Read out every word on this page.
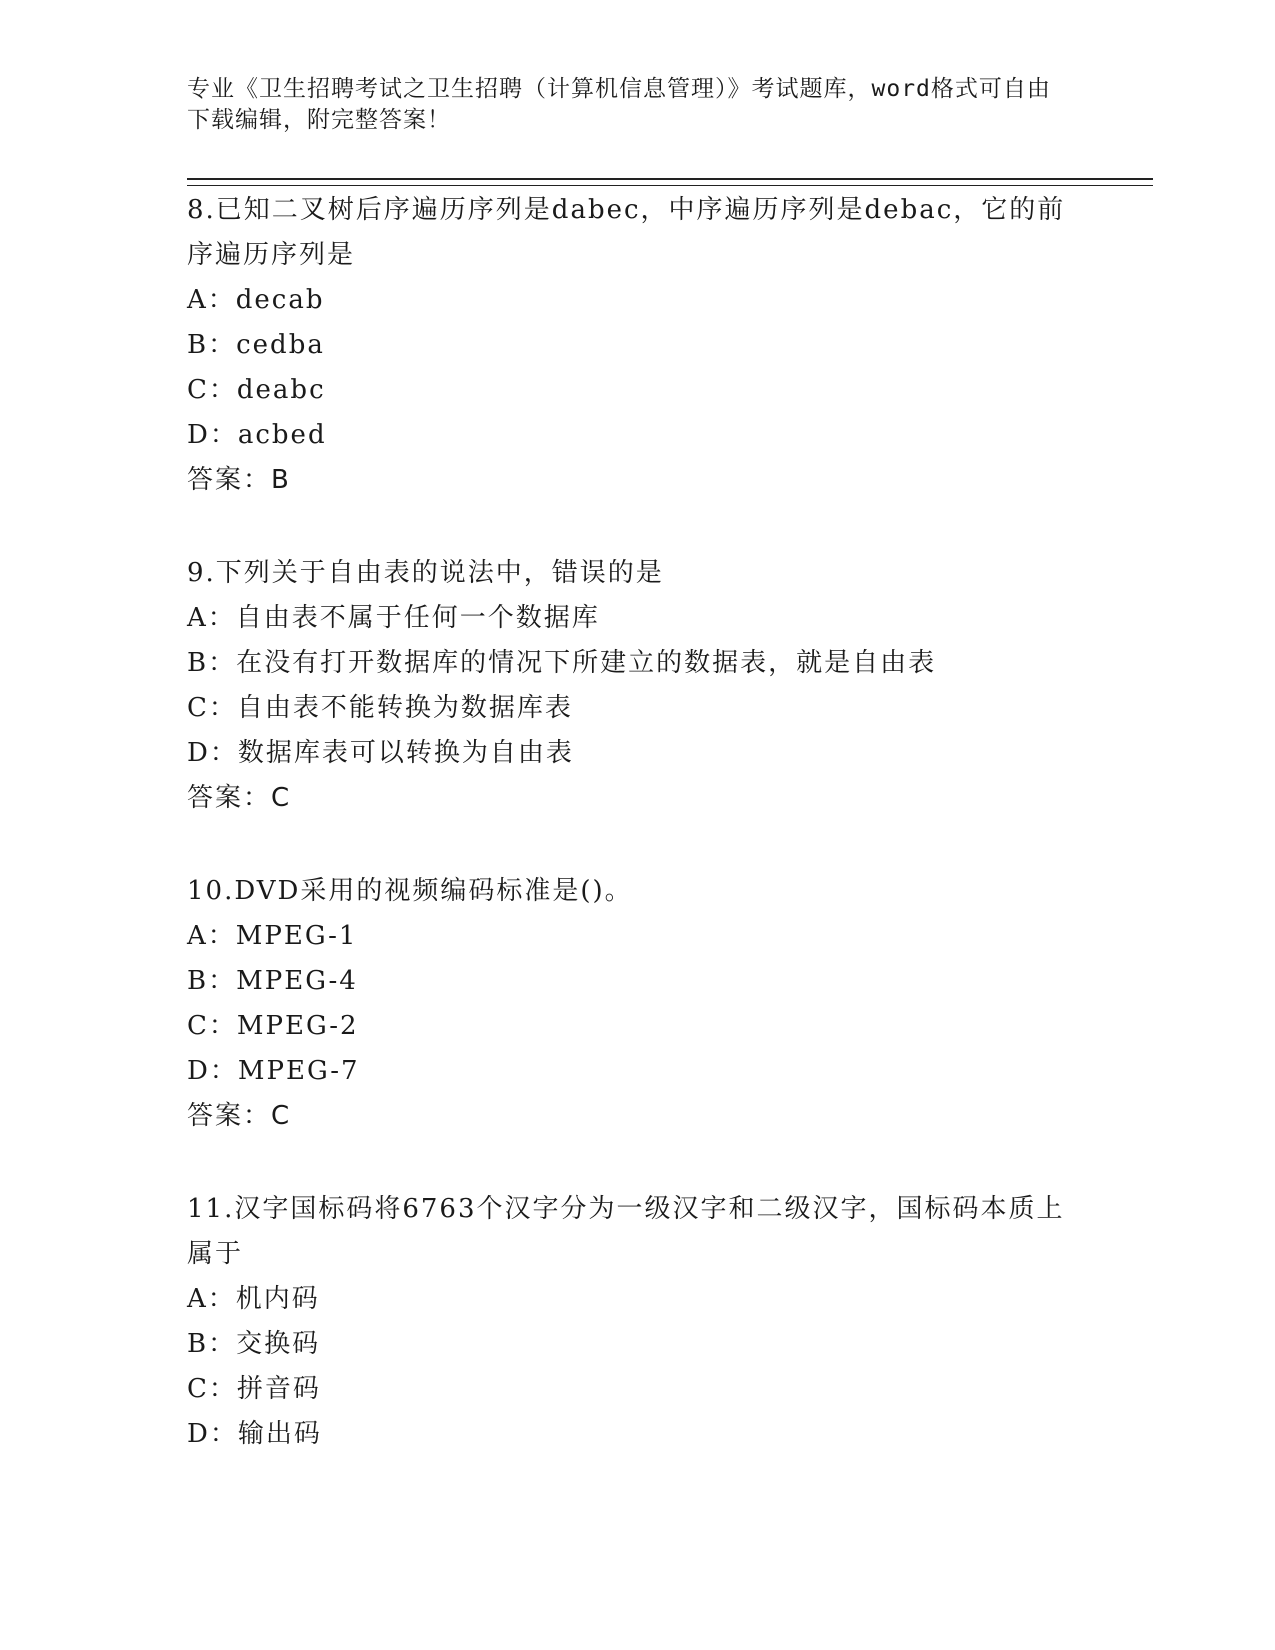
专业《卫生招聘考试之卫生招聘（计算机信息管理）》考试题库，word格式可自由下载编辑，附完整答案！

8.已知二叉树后序遍历序列是dabec，中序遍历序列是debac，它的前序遍历序列是

A：decab

B：cedba

C：deabc

D：acbed

答案：B

9.下列关于自由表的说法中，错误的是

A：自由表不属于任何一个数据库

B：在没有打开数据库的情况下所建立的数据表，就是自由表

C：自由表不能转换为数据库表

D：数据库表可以转换为自由表

答案：C

10.DVD采用的视频编码标准是()。

A：MPEG-1

B：MPEG-4

C：MPEG-2

D：MPEG-7

答案：C

11.汉字国标码将6763个汉字分为一级汉字和二级汉字，国标码本质上属于

A：机内码

B：交换码

C：拼音码

D：输出码
